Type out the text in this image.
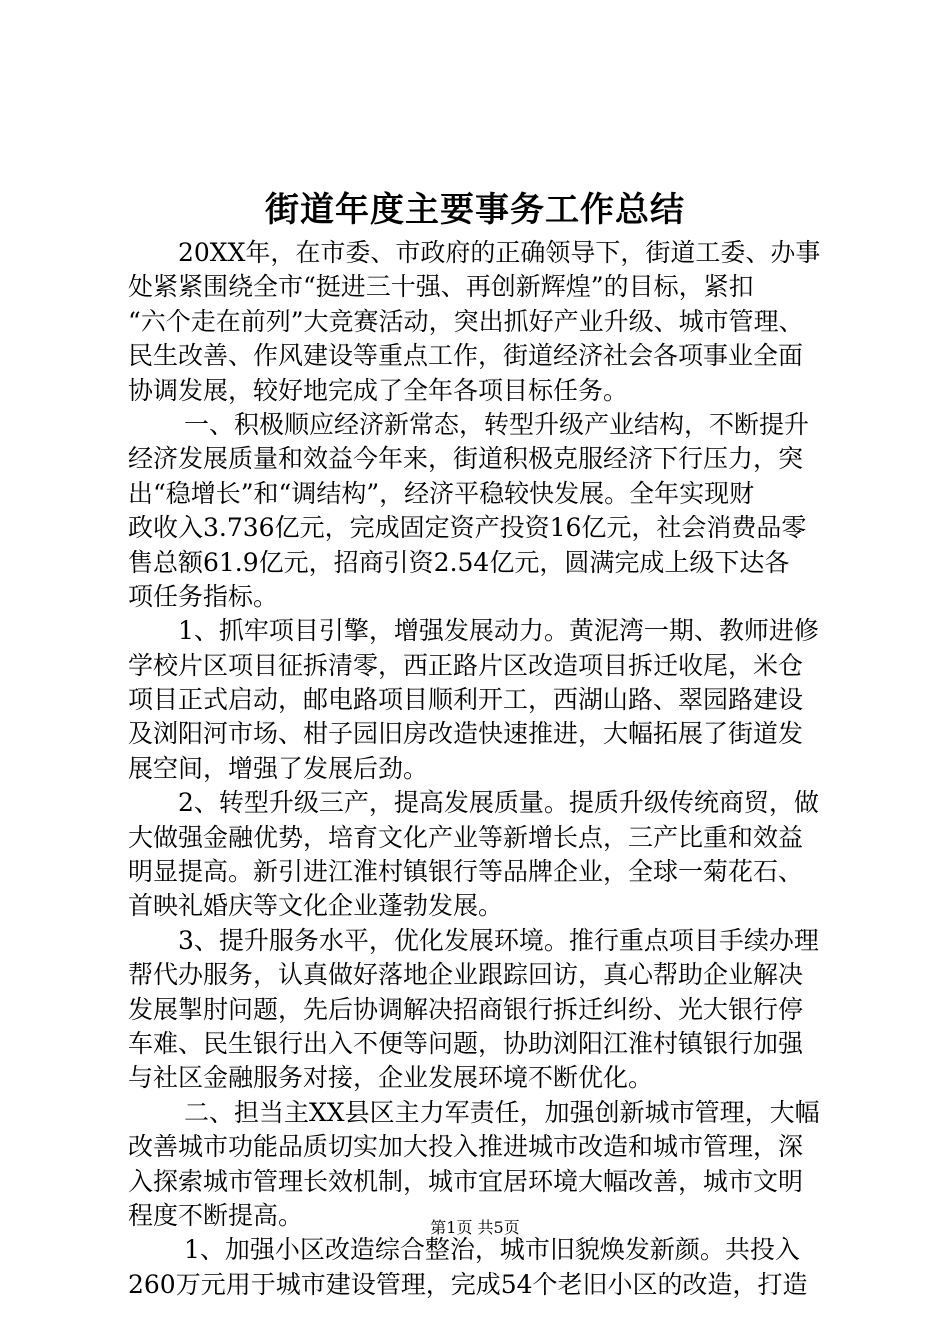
街道年度主要事务工作总结
20XX年，在市委、市政府的正确领导下，街道工委、办事
处紧紧围绕全市“挺进三十强、再创新辉煌”的目标，紧扣
“六个走在前列”大竞赛活动，突出抓好产业升级、城市管理、
民生改善、作风建设等重点工作，街道经济社会各项事业全面
协调发展，较好地完成了全年各项目标任务。
一、积极顺应经济新常态，转型升级产业结构，不断提升
经济发展质量和效益今年来，街道积极克服经济下行压力，突
出“稳增长”和“调结构”，经济平稳较快发展。全年实现财
政收入3.736亿元，完成固定资产投资16亿元，社会消费品零
售总额61.9亿元，招商引资2.54亿元，圆满完成上级下达各
项任务指标。
1、抓牢项目引擎，增强发展动力。黄泥湾一期、教师进修
学校片区项目征拆清零，西正路片区改造项目拆迁收尾，米仓
项目正式启动，邮电路项目顺利开工，西湖山路、翠园路建设
及浏阳河市场、柑子园旧房改造快速推进，大幅拓展了街道发
展空间，增强了发展后劲。
2、转型升级三产，提高发展质量。提质升级传统商贸，做
大做强金融优势，培育文化产业等新增长点，三产比重和效益
明显提高。新引进江淮村镇银行等品牌企业，全球一菊花石、
首映礼婚庆等文化企业蓬勃发展。
3、提升服务水平，优化发展环境。推行重点项目手续办理
帮代办服务，认真做好落地企业跟踪回访，真心帮助企业解决
发展掣肘问题，先后协调解决招商银行拆迁纠纷、光大银行停
车难、民生银行出入不便等问题，协助浏阳江淮村镇银行加强
与社区金融服务对接，企业发展环境不断优化。
二、担当主XX县区主力军责任，加强创新城市管理，大幅
改善城市功能品质切实加大投入推进城市改造和城市管理，深
入探索城市管理长效机制，城市宜居环境大幅改善，城市文明
程度不断提高。
1、加强小区改造综合整治，城市旧貌焕发新颜。共投入
260万元用于城市建设管理，完成54个老旧小区的改造，打造
第1页 共5页
